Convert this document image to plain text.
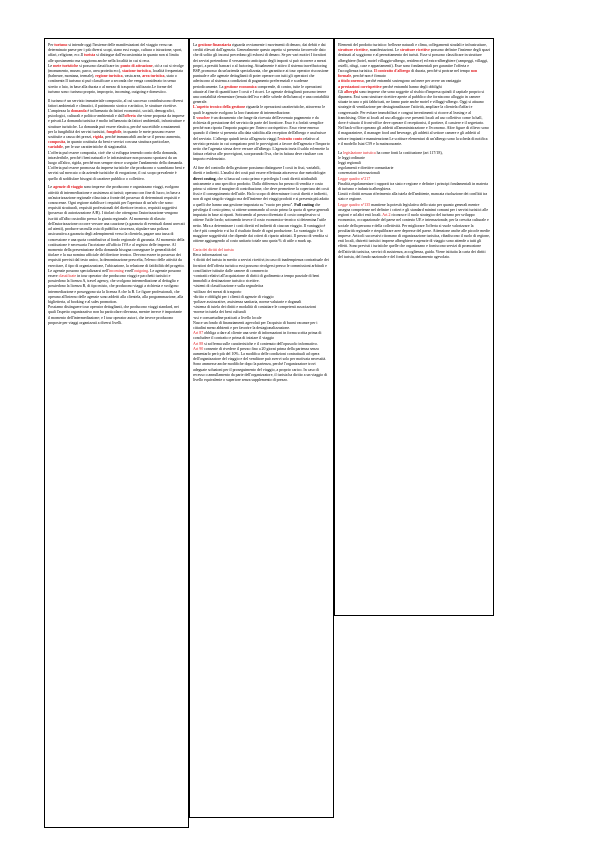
Per turismo si intende oggi l'insieme delle manifestazioni del viaggio verso un determinato paese per i più diversi scopi, siano essi svago, cultura o istruzione, sport, affari, religione, ecc.Il turista si distingue dall'escursionista in quanto non si limita alle spostamento ma soggiorna anche nella località in cui si reca.
Le mete turistiche si possono classificare in: punto di attrazione, ciò a cui si rivolge (monumento, museo, parco, area protetta ecc), stazione turistica, località frequentata (balneare, montana, termale), regione turistica, vasta area, area turistica, stato o continente.Il turismo si può classificare a seconda che venga considerato in senso stretto o lato, in base alla durata o al mezzo di trasporto utilizzato.Le forme del turismo sono: turismo proprio, improprio, incoming, outgoing e domestico.

Il turismo è un servizio immateriale composito, al cui successo contribuiscono diversi fattori ambientali e climatici, il patrimonio storico e artistico, le strutture ricettive. L'ampiezza la domanda è influenzata da fattori economici, sociali, demografici, psicologici, culturali e politico-ambientali e dall'offerta che viene proposta da imprese e privati.La domanda turistica è molto influenzata da fattori ambientali, infrastrutture e strutture turistiche. La domanda può essere elastica, perché suscettibile a mutamenti per la fungibilità dei servizi turistici, fungibile, in quanto le mete possono essere sostituite a causa dei prezzi, rigida, perché immancabili anche se il prezzo aumenta, composita, in quanto costituita da beni e servizi con una struttura particolare, variabile, per le sue caratteristiche di stagionalità.
L'offerta può essere composita, cioè che si sviluppa tenendo conto della domanda, intrasferibile, perché i beni naturali e le infrastrutture non possono spostarsi da un luogo all'altro, rigida, perché non sempre riesce a seguire l'andamento della domanda. L'offerta può essere promossa da imprese turistiche che producono o scambiano beni e servizi sul mercato o da aziende turistiche di erogazione, il cui scopo prevalente è quello di soddisfare bisogni di carattere pubblico o collettivo.

Le agenzie di viaggio sono imprese che producono e organizzano viaggi, svolgono attività di intermediazione e assistenza ai turisti; operano con fine di lucro, in base a un'autorizzazione regionale rilasciata a fronte del possesso di determinati requisiti e conoscenze. Ogni regione stabilisce i requisiti per l'apertura di un'adv che sono: requisiti strutturali, requisiti professionali del direttore tecnico, requisiti soggettivi (possesso di autorizzazione A/B). I titolari che ottengono l'autorizzazione vengono iscritti all'albo custodito presso la giunta regionale. Al momento di rilascio dell'autorizzazione occorre versare una cauzione (a garanzia di eventuali danni arrecati ad utenti), produrre un nulla osta di pubblica sicurezza, stipulare una polizza assicurativa a garanzia degli adempimenti verso la clientela, pagare una tassa di concessione e una quota contributiva al fondo regionale di garanzia. Al momento della costituzione è necessaria l'iscrizione all'ufficio IVA e al registro delle imprese. Al momento della presentazione della domanda bisogna consegnare le generalità del titolare e la sua nomina ufficiale del direttore tecnico. Devono essere in possesso dei requisiti previsti dal testo unico, la denominazione prescelta, l'elenco delle attività da esercitare, il tipo di organizzazione, l'ubicazione, la relazione di fattibilità del progetto. Le agenzie possono specializzarsi nell'incoming e nell'outgoing. Le agenzie possono essere classificate in tour operator che producono viaggi e pacchetti turistici e possiedono la licenza A, travel agency, che svolgono intermediazione al dettaglio e possiedono la licenza B, di tipo misto, che producono viaggi a richiesta e svolgono intermediazione e posseggono sia la licenza A che la B. Le figure professionali, che operano all'interno delle agenzie sono addetti alla clientela, alla programmazione, alla biglietteria, al booking e al sales promotion.
Possiamo distinguere tour operator dettaglianti, che producono viaggi standard, nei quali l'aspetto organizzativo non ha particolare rilevanza, mentre invece è importante il momento dell'intermediazione; e I tour operator autori, che invece producono proposte per viaggi organizzati a diversi livelli.

La gestione finanziaria riguarda ovviamente i movimenti di denaro, dai debiti e dai crediti rilevati dall'agenzia. Generalmente questo aspetto si presenta favorevole dato che di solito gli incassi precedono gli esborsi di denaro. Se per vari motivi I fornitori dei servizi pretendono il versamento anticipato degli importi si può ricorrere a mezzi propri, a prestiti bancari o al factoring. Attualmente è attivo il sistema travelfactoring BSP, promosso da un'azienda specializzata, che garantisce ai tour operator riscossione puntuale e alle agenzie dettaglianti di poter operare con tutti gli operatori che aderiscono al sistema a condizioni di pagamento preferenziali e scadenze periodicamente. La gestione economica comprende, di contro, tutte le operazioni attuate al fine di quantificare I costi e I ricavi. Le agenzie dettaglianti possono tenere una contabilità elementare (tenuta dell'iva e delle schede della banca) e una contabilità generale.
L'aspetto tecnico della gestione riguarda le operazioni caratteristiche, attraverso le quali le agenzie svolgono la loro funzione di intermediazione.
Il voucher è un documento che funge da ricevuta dell'avvenuto pagamento e da richiesta di prestazione del servizio da parte del fornitore. Esso è a forfait semplice perché non riporta l'importo pagato per l'intero corrispettivo. Esso viene emesso quando il cliente si presenta alla data stabilita alla reception dell'albergo e usufruisce del servizio. L'albergo quindi invia all'agenzia viaggi l'estratto conto relativo al servizio prestato in cui compaiono però le provvigioni a favore dell'agenzia e l'importo netto che l'agenzia stessa deve versare all'albergo. L'agenzia invia il saldo ed emette la fattura relativa alle provvigioni, scorporando l'iva, che in fattura deve risultare con importo evidenziato.

Al fine del controllo della gestione possiamo distinguere I costi in fissi, variabili, diretti e indiretti. L'analisi dei costi può essere effettuata attraverso due metodologie:
direct costing, che si basa sul costo primo e privilegia I costi diretti attribuibili unicamente a uno specifico prodotto. Dalla differenza fra prezzo di vendita e costo primo si ottiene il margine di contribuzione, che deve permettere la copertura dei costi fissi e il conseguimento dell'utile. Ha lo scopo di determinare i costi diretti e indiretti, non di ogni singolo viaggio ma dell'insieme dei viaggi prodotti e si presenta più adatto a quelli che hanno una gestione impostata su "vuoto per pieno". Full costing che privilegia il costo pieno, si ottiene sommando al costo primo la quota di spese generali imputata in base ai riparti. Sottraendo al prezzo diventato il costo complessivo si ottiene l'utile lordo; sottraendo invece il costo economico-tecnico si determina l'utile netto. Mira a determinare i costi diretti ed indiretti di ciascun viaggio. Il vantaggio è che è più completo e si ha il risultato finale di ogni produzione. Lo svantaggio è la maggiore soggettività che dipende dai criteri di riparto adottati. Il prezzo di vendita si ottiene aggiungendo al costo unitario totale una quota % di utile o mark up.

Carta dei diritti del turista
Reca informazioni su:
-i diritti del turista in merito a servizi ricettivi,in caso di inadempienza contrattuale dei fornitori dell'offerta turistica essi possono rivolgersi presso le commissioni arbitrali e conciliative istituite dalle camere di commercio
-contratti relativi all'acquisizione di diritti di godimento a tempo parziale di beni immobili a destinazione turistico ricettive.
-sistemi di classificazione e sulla segnaletica
-utilizzo dei mezzi di trasporto
-diritto e obblighi per i clienti di agenzie di viaggio
-polizze assicurative, assistenza sanitaria, norme valutarie e doganali
-sistema di tutela dei diritti e modalità di contattare le competenti associazioni
-norme in tutela dei beni culturali
-usi e consuetudine praticati a livello locale
Nasce un fondo di finanziamenti agevolati per l'acquisto di buoni vacanze per i cittadini meno abbienti e per favorire la destagionalizzazione.
Art 87 obbliga a dare al cliente una serie di informazioni in forma scritta prima di concludere il contratto e prima di iniziare il viaggio
Art 88 si sofferma sulle caratteristiche e il contenuto dell'opuscolo informativo.
Art 90 consente di rivedere il prezzo fino a 20 giorni prima della partenza senza aumentarlo però più del 10%. La modifica delle condizioni contrattuali ad opera dell'organizzatore del viaggio e del venditore può avervi solo per motivata necessità. Sono ammesse anche modifiche dopo la partenza, perché l'organizzatore trovi adeguate soluzioni per il proseguimento del viaggio, a proprio carico. In caso di recesso o annullamento da parte dell'organizzatore, il turista ha diritto a un viaggio di livello equivalente o superiore senza supplemento di prezzo.

Elementi del prodotto turistico: bellezze naturali e clima, collegamenti stradali e infrastrutture, strutture ricettive, manifestazioni. Le strutture ricettive possono definire l'insieme degli spazi destinati al soggiorno e al pernottamento dei turisti. Esse si possono classificare in strutture alberghiere (hotel, motel villaggio-albergo, residence) ed extra-alberghiere (campeggi, villaggi, ostelli, rifugi, case e appartamenti). Esse sono fondamentali per garantire l'offerta e l'accoglienza turistica. Il contratto d'albergo di durata, perché si protrae nel tempo non formale, perché non è firmato
a titolo oneroso, perché entrambi sostengono un'onere per avere un vantaggio
a prestazioni corrispettive perché entrambi hanno degli obblighi
Gli alberghi sono imprese che sono soggette al rischio d'impresa quindi il capitale proprio si dipanera. Essi sono strutture ricettive aperte al pubblico che forniscono alloggio in camere situate in uno o più fabbricati, ne fanno parte anche motel e villaggi-albergo. Oggi si attuano strategie di ventilazione per destagionalizzare l'attività, ampliare la clientela d'affari e congressuale. Per evitare immobilizzi e congrui investimenti si ricorre al leasing e al franchising. Oltre ai locali ad uso alloggio ove presenti locali ad uso collettivo come la hall, dove è situato il front-office deve operare il receptionist, il portiere, il cassiere e il segretario. Nel back-office operano gli addetti all'amministrazione e l'economo. Altre figure di rilievo sono il magazziniere, il manager food and beverage, gli addetti al settore camere e gli addetti al settore impianti e manutenzione.Le scritture elementari di un'albergo sono la scheda di notifica e il modello Istat C59 e la maincourante.

La legislazione turistica ha come fonti la costituzione (art 117/18),
le leggi ordinarie
leggi regionali
regolamenti e direttive comunitarie
convenzioni internazionali
Legge quadro n°217
Finalità,regolamentare i rapporti tra stato e regione e definire i principi fondamentali in materia di turismo e industria alberghiera.
Limiti e diritti nessun riferimento alla tutela dell'ambiente, mancata risoluzione dei conflitti tra stato e regione.
Legge quadro n°135 mantiene la potestà legislativa dello stato per quanto generali mentre assegna competenze nel definire i criteri e gli standard minimi comuni per i servizi turistici alle regioni e ad altri enti locali. Art.2 riconosce il ruolo strategico del turismo per sviluppo economico, occupazionale del paese nel contesto UE e internazionale, per la crescita culturale e sociale della persona e della collettività. Per migliorare l'offerta si vuole valorizzare la peculiarità regionale e riequilibrare aree depresse del paese. Attenzione anche alle piccole medie imprese. Articoli successivi ritornano di organizzazione turistica, ribadiscono il ruolo di regione, enti locali, distretti turistici imprese alberghiere e agenzie di viaggio sono attende a tutti gli effetti. Sono previsti i turistiche quelle che organizzano e forniscono servizi di promozione dell'attività turistica, servizi di assistenza, accoglienza, guida. Viene istituita la carta dei diritti del turista, del fondo nazionale e del fondo di finanziamento agevolato.
